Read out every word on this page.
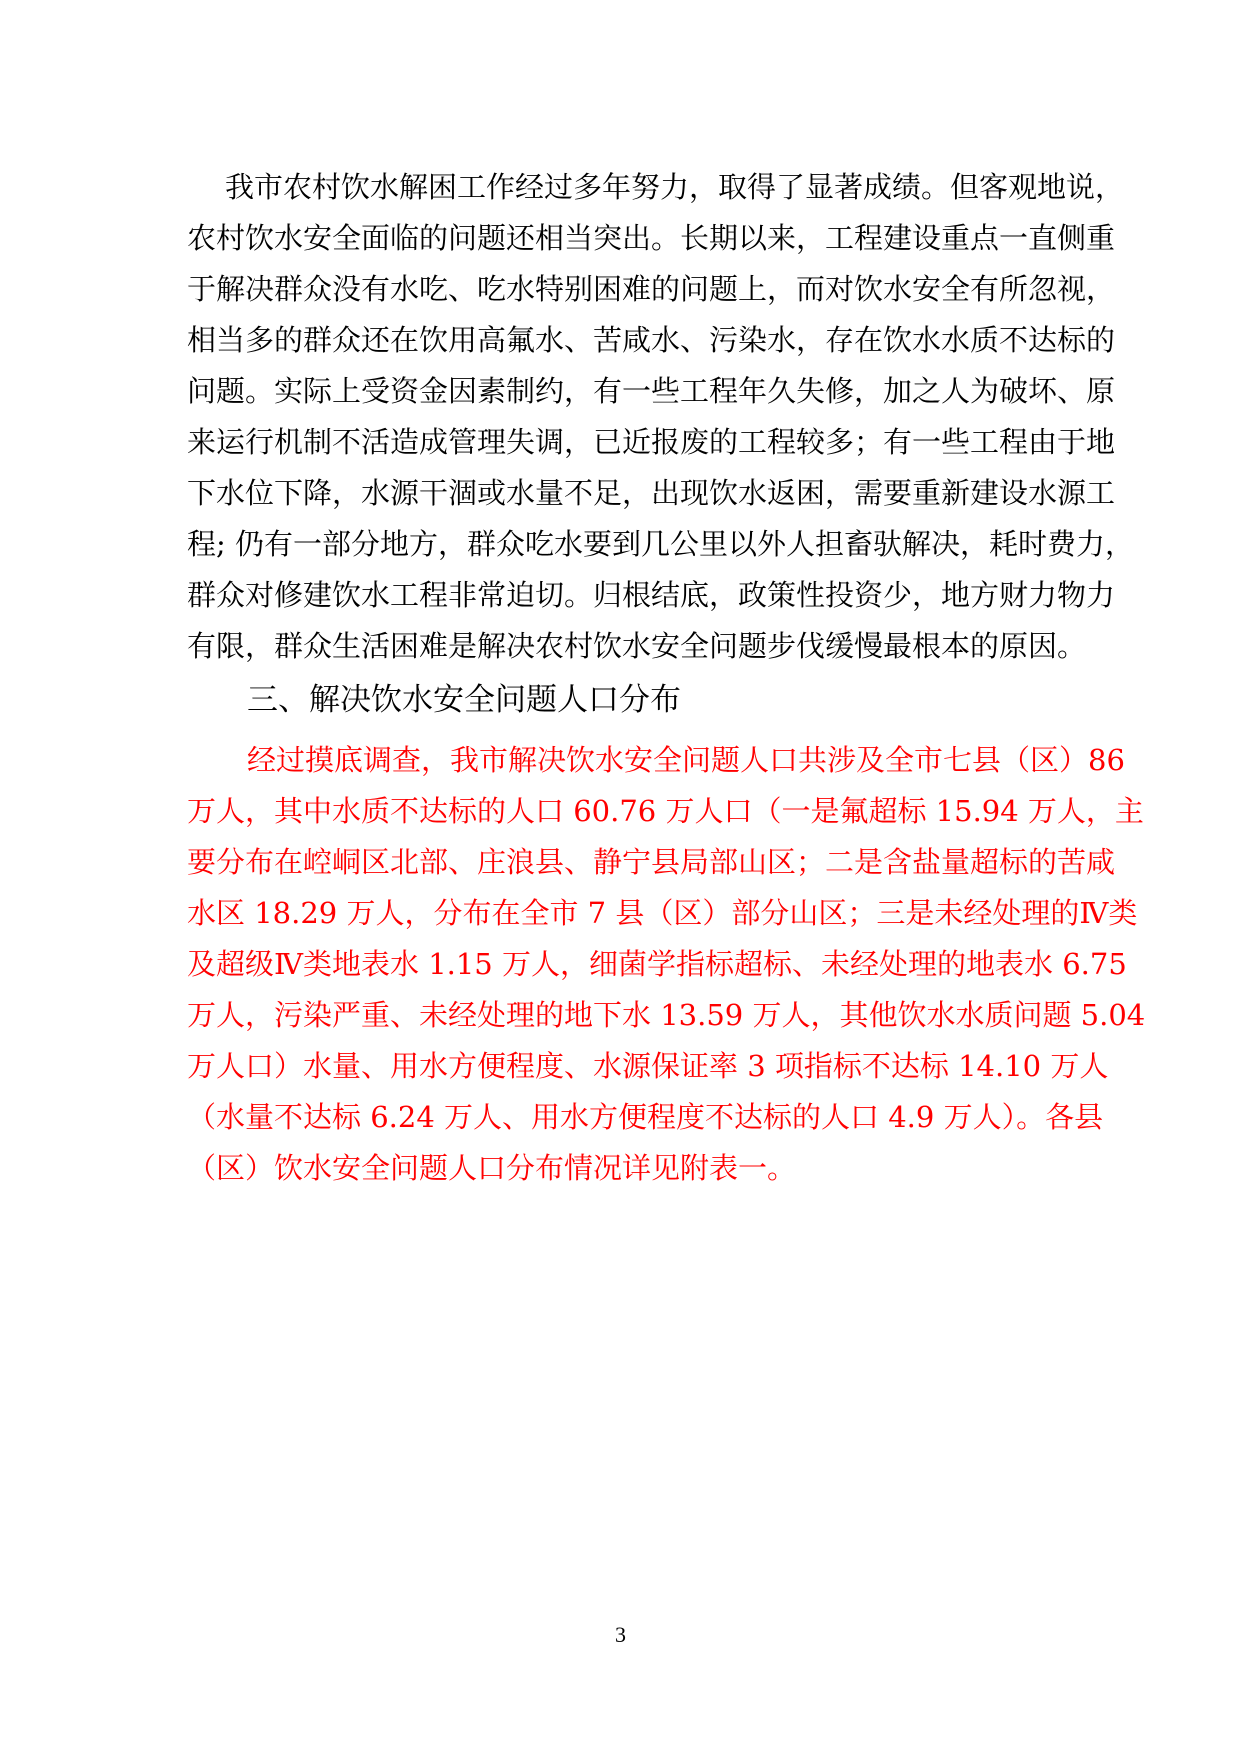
我市农村饮水解困工作经过多年努力，取得了显著成绩。但客观地说，
农村饮水安全面临的问题还相当突出。长期以来，工程建设重点一直侧重
于解决群众没有水吃、吃水特别困难的问题上，而对饮水安全有所忽视，
相当多的群众还在饮用高氟水、苦咸水、污染水，存在饮水水质不达标的
问题。实际上受资金因素制约，有一些工程年久失修，加之人为破坏、原
来运行机制不活造成管理失调，已近报废的工程较多；有一些工程由于地
下水位下降，水源干涸或水量不足，出现饮水返困，需要重新建设水源工
程; 仍有一部分地方，群众吃水要到几公里以外人担畜驮解决，耗时费力，
群众对修建饮水工程非常迫切。归根结底，政策性投资少，地方财力物力
有限，群众生活困难是解决农村饮水安全问题步伐缓慢最根本的原因。
三、解决饮水安全问题人口分布
经过摸底调查，我市解决饮水安全问题人口共涉及全市七县（区）86
万人，其中水质不达标的人口 60.76 万人口（一是氟超标 15.94 万人，主
要分布在崆峒区北部、庄浪县、静宁县局部山区；二是含盐量超标的苦咸
水区 18.29 万人，分布在全市 7 县（区）部分山区；三是未经处理的Ⅳ类
及超级Ⅳ类地表水 1.15 万人，细菌学指标超标、未经处理的地表水 6.75
万人，污染严重、未经处理的地下水 13.59 万人，其他饮水水质问题 5.04
万人口）水量、用水方便程度、水源保证率 3 项指标不达标 14.10 万人
（水量不达标 6.24 万人、用水方便程度不达标的人口 4.9 万人）。各县
（区）饮水安全问题人口分布情况详见附表一。
3
